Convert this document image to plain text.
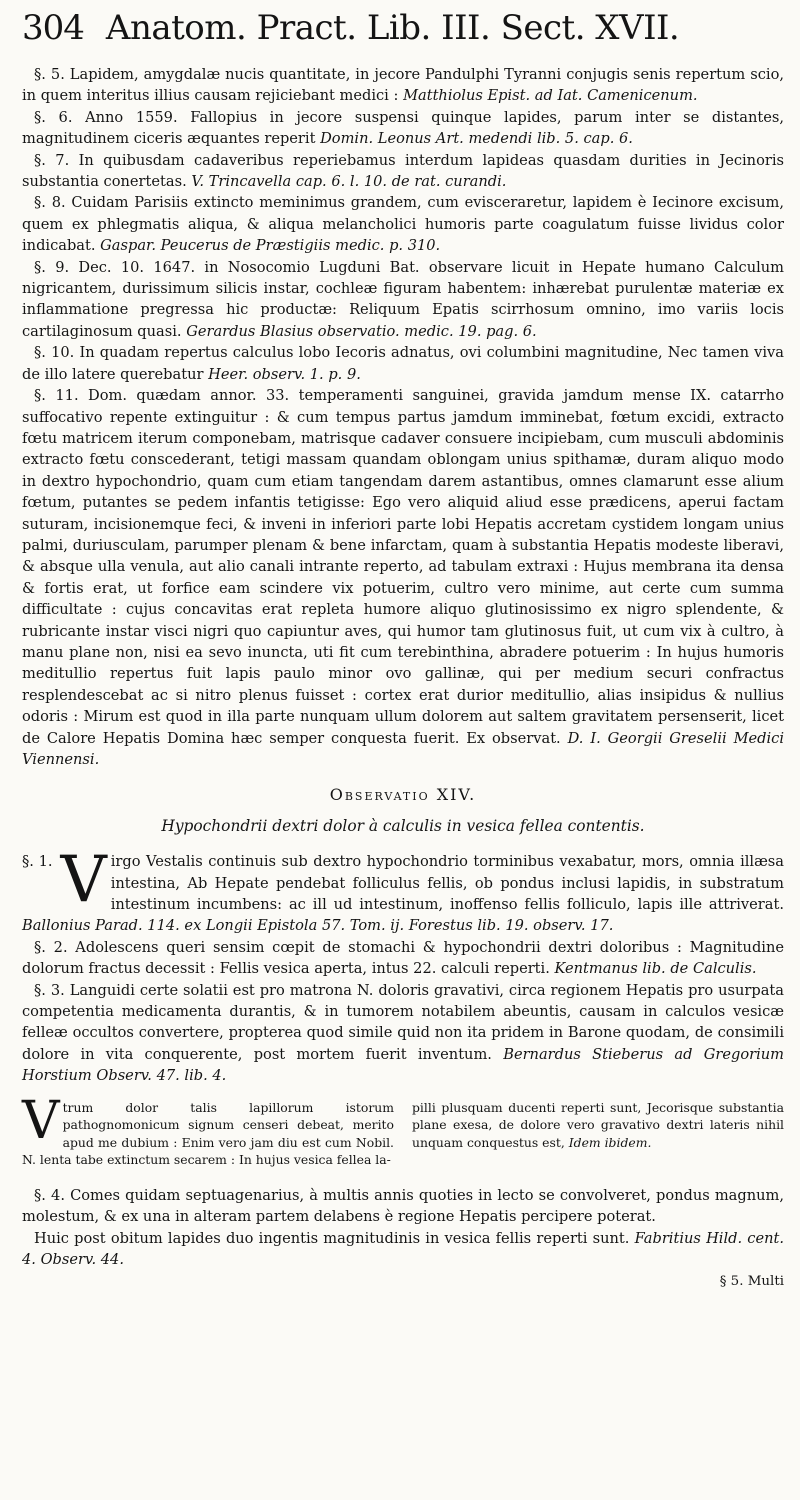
304 Anatom. Pract. Lib. III. Sect. XVII.

§. 5. Lapidem, amygdalæ nucis quantitate, in jecore Pandulphi Tyranni conjugis senis repertum scio, in quem interitus illius causam rejiciebant medici : Matthiolus Epist. ad Iat. Camenicenum.

§. 6. Anno 1559. Fallopius in jecore suspensi quinque lapides, parum inter se distantes, magnitudinem ciceris æquantes reperit Domin. Leonus Art. medendi lib. 5. cap. 6.

§. 7. In quibusdam cadaveribus reperiebamus interdum lapideas quasdam durities in Jecinoris substantia conertetas. V. Trincavella cap. 6. l. 10. de rat. curandi.

§. 8. Cuidam Parisiis extincto meminimus grandem, cum evisceraretur, lapidem è Iecinore excisum, quem ex phlegmatis aliqua, & aliqua melancholici humoris parte coagulatum fuisse lividus color indicabat. Gaspar. Peucerus de Præstigiis medic. p. 310.

§. 9. Dec. 10. 1647. in Nosocomio Lugduni Bat. observare licuit in Hepate humano Calculum nigricantem, durissimum silicis instar, cochleæ figuram habentem: inhærebat purulentæ materiæ ex inflammatione pregressa hic productæ: Reliquum Epatis scirrhosum omnino, imo variis locis cartilaginosum quasi. Gerardus Blasius observatio. medic. 19. pag. 6.

§. 10. In quadam repertus calculus lobo Iecoris adnatus, ovi columbini magnitudine, Nec tamen viva de illo latere querebatur Heer. observ. 1. p. 9.

§. 11. Dom. quædam annor. 33. temperamenti sanguinei, gravida jamdum mense IX. catarrho suffocativo repente extinguitur : & cum tempus partus jamdum imminebat, fœtum excidi, extracto fœtu matricem iterum componebam, matrisque cadaver consuere incipiebam, cum musculi abdominis extracto fœtu conscederant, tetigi massam quandam oblongam unius spithamæ, duram aliquo modo in dextro hypochondrio, quam cum etiam tangendam darem astantibus, omnes clamarunt esse alium fœtum, putantes se pedem infantis tetigisse: Ego vero aliquid aliud esse prædicens, aperui factam suturam, incisionemque feci, & inveni in inferiori parte lobi Hepatis accretam cystidem longam unius palmi, duriusculam, parumper plenam & bene infarctam, quam à substantia Hepatis modeste liberavi, & absque ulla venula, aut alio canali intrante reperto, ad tabulam extraxi : Hujus membrana ita densa & fortis erat, ut forfice eam scindere vix potuerim, cultro vero minime, aut certe cum summa difficultate : cujus concavitas erat repleta humore aliquo glutinosissimo ex nigro splendente, & rubricante instar visci nigri quo capiuntur aves, qui humor tam glutinosus fuit, ut cum vix à cultro, à manu plane non, nisi ea sevo inuncta, uti fit cum terebinthina, abradere potuerim : In hujus humoris meditullio repertus fuit lapis paulo minor ovo gallinæ, qui per medium securi confractus resplendescebat ac si nitro plenus fuisset : cortex erat durior meditullio, alias insipidus & nullius odoris : Mirum est quod in illa parte nunquam ullum dolorem aut saltem gravitatem persenserit, licet de Calore Hepatis Domina hæc semper conquesta fuerit. Ex observat. D. I. Georgii Greselii Medici Viennensi.

Observatio XIV.
Hypochondrii dextri dolor à calculis in vesica fellea contentis.

§. 1. V irgo Vestalis continuis sub dextro hypochondrio torminibus vexabatur, mors, omnia illæsa intestina, Ab Hepate pendebat folliculus fellis, ob pondus inclusi lapidis, in substratum intestinum incumbens: ac ill ud intestinum, inoffenso fellis folliculo, lapis ille attriverat. Ballonius Parad. 114. ex Longii Epistola 57. Tom. ij. Forestus lib. 19. observ. 17.

§. 2. Adolescens queri sensim cœpit de stomachi & hypochondrii dextri doloribus : Magnitudine dolorum fractus decessit : Fellis vesica aperta, intus 22. calculi reperti. Kentmanus lib. de Calculis.

§. 3. Languidi certe solatii est pro matrona N. doloris gravativi, circa regionem Hepatis pro usurpata competentia medicamenta durantis, & in tumorem notabilem abeuntis, causam in calculos vesicæ felleæ occultos convertere, propterea quod simile quid non ita pridem in Barone quodam, de consimili dolore in vita conquerente, post mortem fuerit inventum. Bernardus Stieberus ad Gregorium Horstium Observ. 47. lib. 4.

Vtrum dolor talis lapillorum istorum pathognomonicum signum censeri debeat, merito apud me dubium : Enim vero jam diu est cum Nobil. N. lenta tabe extinctum secarem : In hujus vesica fellea la-
pilli plusquam ducenti reperti sunt, Jecorisque substantia plane exesa, de dolore vero gravativo dextri lateris nihil unquam conquestus est, Idem ibidem.

§. 4. Comes quidam septuagenarius, à multis annis quoties in lecto se convolveret, pondus magnum, molestum, & ex una in alteram partem delabens è regione Hepatis percipere poterat.

Huic post obitum lapides duo ingentis magnitudinis in vesica fellis reperti sunt. Fabritius Hild. cent. 4. Observ. 44.

§ 5. Multi
